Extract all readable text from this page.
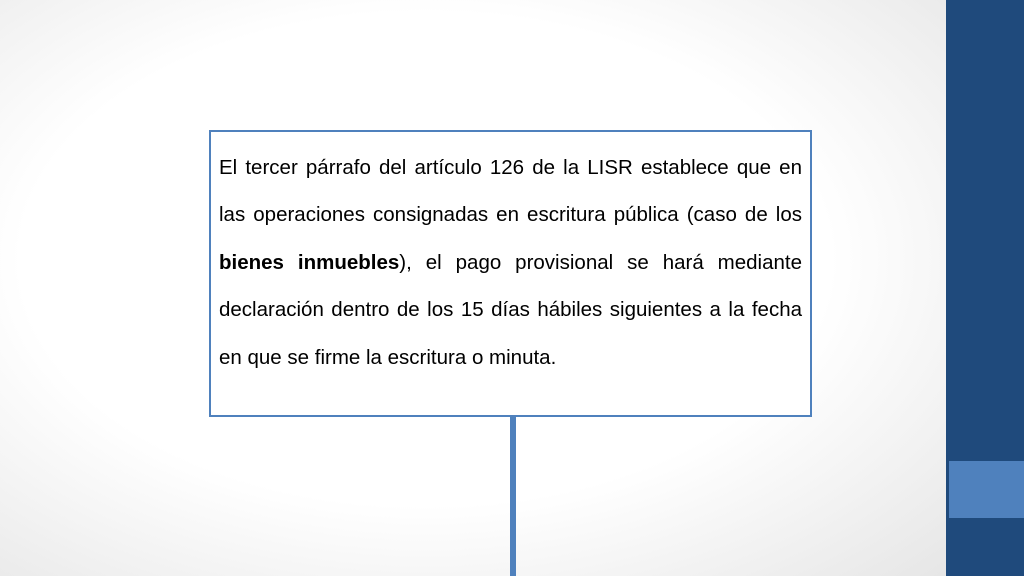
El tercer párrafo del artículo 126 de la LISR establece que en las operaciones consignadas en escritura pública (caso de los bienes inmuebles), el pago provisional se hará mediante declaración dentro de los 15 días hábiles siguientes a la fecha en que se firme la escritura o minuta.
